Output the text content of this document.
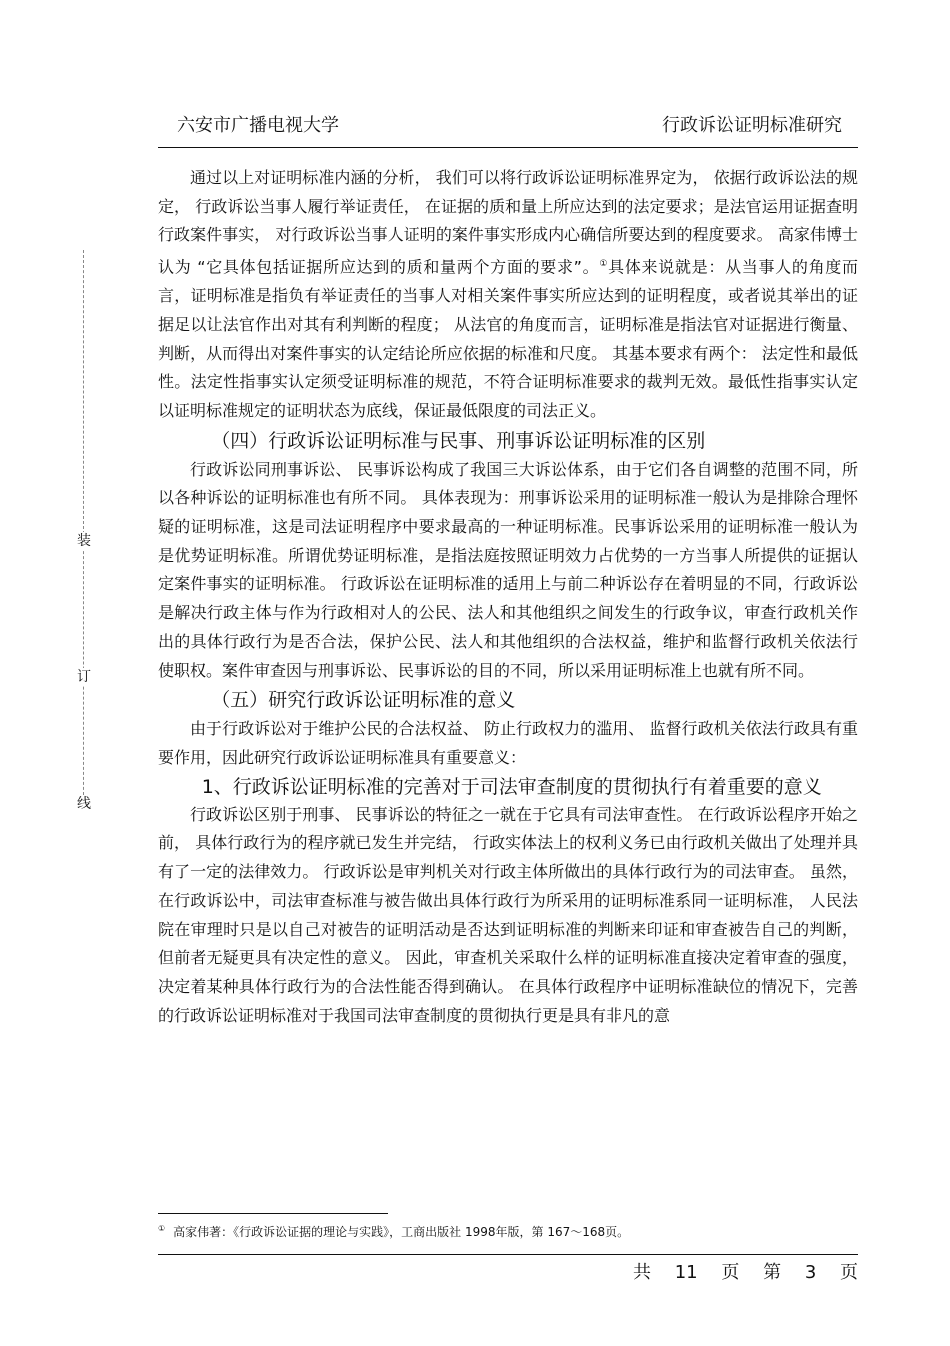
六安市广播电视大学	行政诉讼证明标准研究
装
订
线

通过以上对证明标准内涵的分析， 我们可以将行政诉讼证明标准界定为， 依据行政诉讼法的规定， 行政诉讼当事人履行举证责任， 在证据的质和量上所应达到的法定要求；是法官运用证据查明行政案件事实， 对行政诉讼当事人证明的案件事实形成内心确信所要达到的程度要求。 高家伟博士认为 “它具体包括证据所应达到的质和量两个方面的要求”。①具体来说就是：从当事人的角度而言，证明标准是指负有举证责任的当事人对相关案件事实所应达到的证明程度，或者说其举出的证据足以让法官作出对其有利判断的程度； 从法官的角度而言，证明标准是指法官对证据进行衡量、 判断，从而得出对案件事实的认定结论所应依据的标准和尺度。 其基本要求有两个： 法定性和最低性。法定性指事实认定须受证明标准的规范，不符合证明标准要求的裁判无效。最低性指事实认定以证明标准规定的证明状态为底线，保证最低限度的司法正义。

（四）行政诉讼证明标准与民事、刑事诉讼证明标准的区别

行政诉讼同刑事诉讼、 民事诉讼构成了我国三大诉讼体系，由于它们各自调整的范围不同，所以各种诉讼的证明标准也有所不同。 具体表现为：刑事诉讼采用的证明标准一般认为是排除合理怀疑的证明标准，这是司法证明程序中要求最高的一种证明标准。民事诉讼采用的证明标准一般认为是优势证明标准。所谓优势证明标准，是指法庭按照证明效力占优势的一方当事人所提供的证据认定案件事实的证明标准。 行政诉讼在证明标准的适用上与前二种诉讼存在着明显的不同，行政诉讼是解决行政主体与作为行政相对人的公民、法人和其他组织之间发生的行政争议，审查行政机关作出的具体行政行为是否合法，保护公民、法人和其他组织的合法权益，维护和监督行政机关依法行使职权。案件审查因与刑事诉讼、民事诉讼的目的不同，所以采用证明标准上也就有所不同。

（五）研究行政诉讼证明标准的意义

由于行政诉讼对于维护公民的合法权益、 防止行政权力的滥用、 监督行政机关依法行政具有重要作用，因此研究行政诉讼证明标准具有重要意义：

1、行政诉讼证明标准的完善对于司法审查制度的贯彻执行有着重要的意义

行政诉讼区别于刑事、 民事诉讼的特征之一就在于它具有司法审查性。 在行政诉讼程序开始之前， 具体行政行为的程序就已发生并完结， 行政实体法上的权利义务已由行政机关做出了处理并具有了一定的法律效力。 行政诉讼是审判机关对行政主体所做出的具体行政行为的司法审查。 虽然，在行政诉讼中，司法审查标准与被告做出具体行政行为所采用的证明标准系同一证明标准， 人民法院在审理时只是以自己对被告的证明活动是否达到证明标准的判断来印证和审查被告自己的判断， 但前者无疑更具有决定性的意义。 因此，审查机关采取什么样的证明标准直接决定着审查的强度， 决定着某种具体行政行为的合法性能否得到确认。 在具体行政程序中证明标准缺位的情况下，完善的行政诉讼证明标准对于我国司法审查制度的贯彻执行更是具有非凡的意

① 高家伟著：《行政诉讼证据的理论与实践》，工商出版社 1998年版，第 167～168页。
共 11 页 第 3 页
